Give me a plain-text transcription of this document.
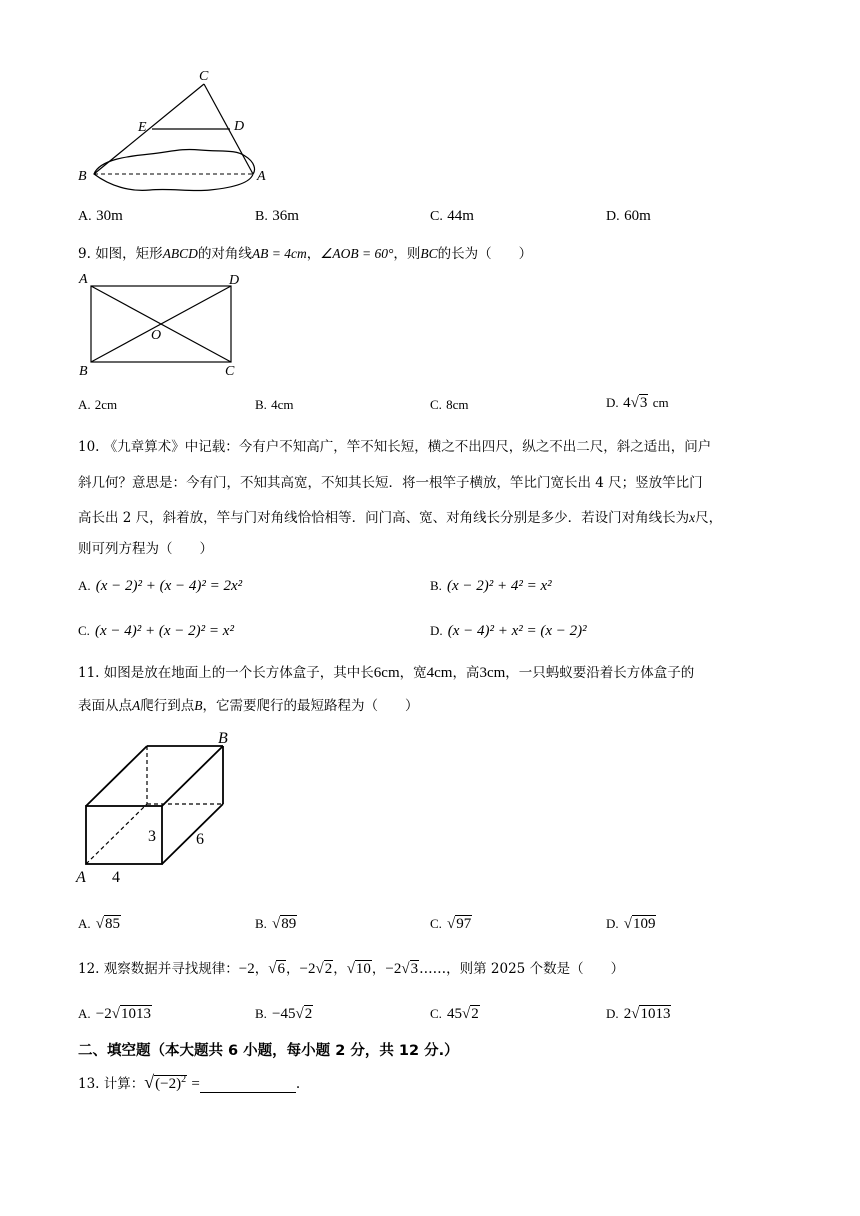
C
E	D
B	A
A. 30m	B. 36m	C. 44m	D. 60m
9. 如图，矩形ABCD的对角线AB = 4cm，∠AOB = 60°，则BC的长为（　　）
A	D
O
B	C
A. 2cm	B. 4cm	C. 8cm	D. 4√3 cm
10. 《九章算术》中记载：今有户不知高广，竿不知长短，横之不出四尺，纵之不出二尺，斜之适出，问户
斜几何？意思是：今有门，不知其高宽，不知其长短．将一根竿子横放，竿比门宽长出 4 尺；竖放竿比门
高长出 2 尺，斜着放，竿与门对角线恰恰相等．问门高、宽、对角线长分别是多少．若设门对角线长为x尺，
则可列方程为（　　）
A. (x − 2)² + (x − 4)² = 2x²	B. (x − 2)² + 4² = x²
C. (x − 4)² + (x − 2)² = x²	D. (x − 4)² + x² = (x − 2)²
11. 如图是放在地面上的一个长方体盒子，其中长6cm，宽4cm，高3cm，一只蚂蚁要沿着长方体盒子的
表面从点A爬行到点B，它需要爬行的最短路程为（　　）
B
A
3	6
4
A. √85	B. √89	C. √97	D. √109
12. 观察数据并寻找规律：−2，√6，−2√2，√10，−2√3……，则第 2025 个数是（　　）
A. −2√1013	B. −45√2	C. 45√2	D. 2√1013
二、填空题（本大题共 6 小题，每小题 2 分，共 12 分.）
13. 计算：$√(-2)^2$ =	.
